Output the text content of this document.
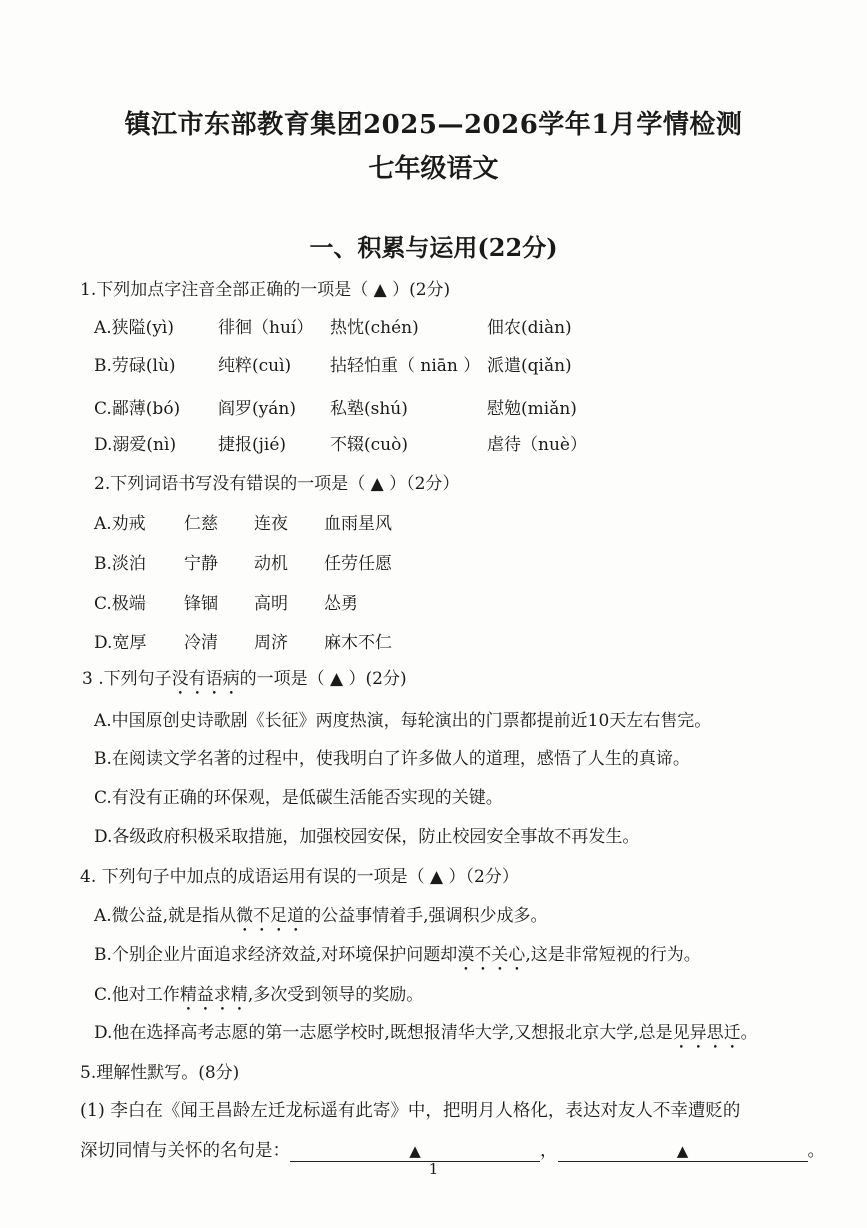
镇江市东部教育集团2025—2026学年1月学情检测
七年级语文
一、积累与运用(22分)
1.下列加点字注音全部正确的一项是（ ▲ ）(2分)
A.狭隘(yì)	徘徊（huí） 热忱(chén)	佃农(diàn)
B.劳碌(lù) 纯粹(cuì) 拈轻怕重（ niān ） 派遣(qiǎn)
C.鄙薄(bó) 阎罗(yán) 私塾(shú)	慰勉(miǎn)
D.溺爱(nì) 捷报(jié)	不辍(cuò)	虐待（nuè）
2.下列词语书写没有错误的一项是（ ▲ ）（2分）
A.劝戒 仁慈 连夜 血雨星风
B.淡泊 宁静 动机 任劳任愿
C.极端 锋锢 高明 怂勇
D.宽厚 冷清 周济 麻木不仁
3 .下列句子没有语病的一项是（ ▲ ）(2分)
A.中国原创史诗歌剧《长征》两度热演，每轮演出的门票都提前近10天左右售完。
B.在阅读文学名著的过程中，使我明白了许多做人的道理，感悟了人生的真谛。
C.有没有正确的环保观，是低碳生活能否实现的关键。
D.各级政府积极采取措施，加强校园安保，防止校园安全事故不再发生。
4. 下列句子中加点的成语运用有误的一项是（ ▲ ）（2分）
A.微公益,就是指从微不足道的公益事情着手,强调积少成多。
B.个别企业片面追求经济效益,对环境保护问题却漠不关心,这是非常短视的行为。
C.他对工作精益求精,多次受到领导的奖励。
D.他在选择高考志愿的第一志愿学校时,既想报清华大学,又想报北京大学,总是见异思迁。
5.理解性默写。(8分)
(1) 李白在《闻王昌龄左迁龙标遥有此寄》中，把明月人格化，表达对友人不幸遭贬的
深切同情与关怀的名句是：	▲	，	▲	。
1
